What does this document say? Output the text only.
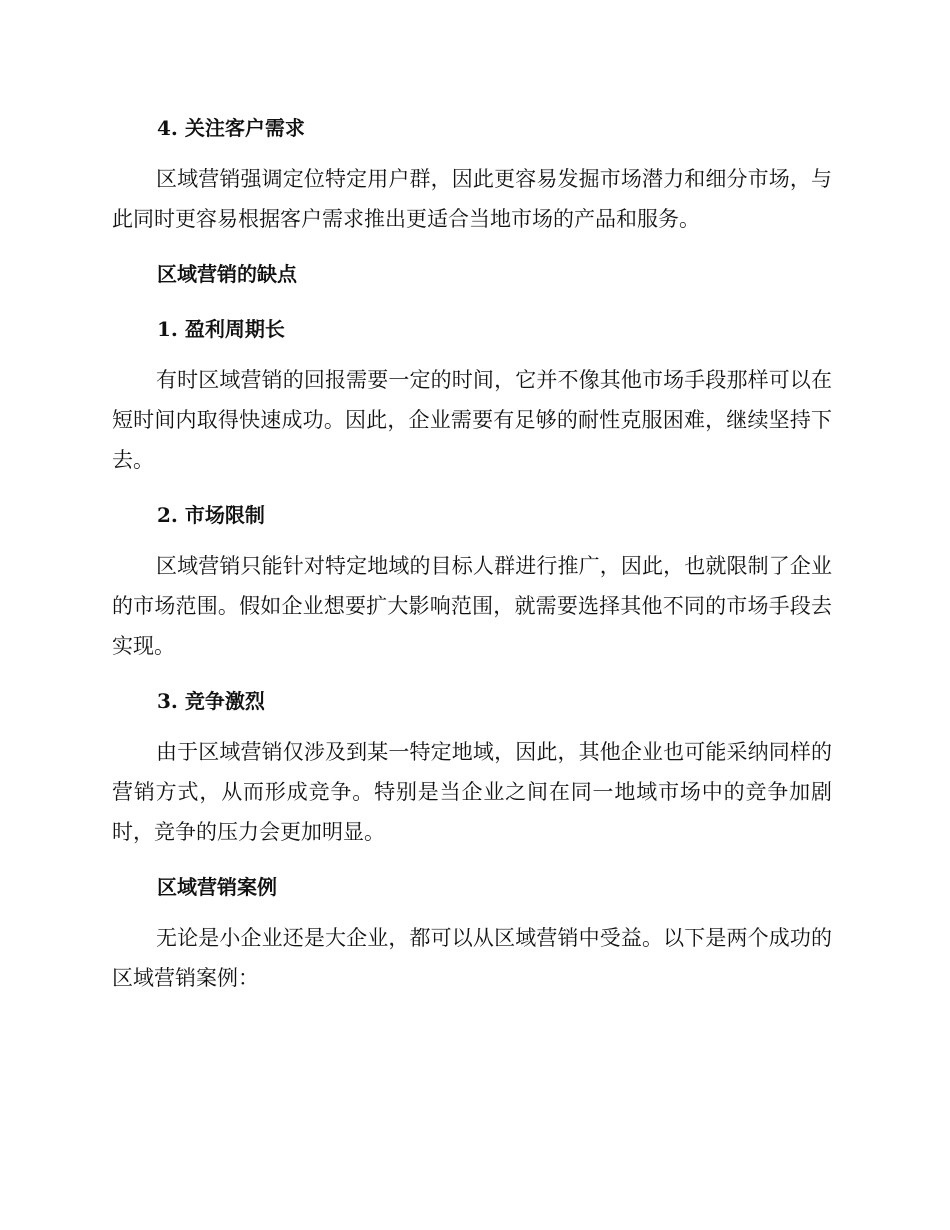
4. 关注客户需求

区域营销强调定位特定用户群，因此更容易发掘市场潜力和细分市场，与此同时更容易根据客户需求推出更适合当地市场的产品和服务。

区域营销的缺点
1. 盈利周期长

有时区域营销的回报需要一定的时间，它并不像其他市场手段那样可以在短时间内取得快速成功。因此，企业需要有足够的耐性克服困难，继续坚持下去。

2. 市场限制

区域营销只能针对特定地域的目标人群进行推广，因此，也就限制了企业的市场范围。假如企业想要扩大影响范围，就需要选择其他不同的市场手段去实现。

3. 竞争激烈

由于区域营销仅涉及到某一特定地域，因此，其他企业也可能采纳同样的营销方式，从而形成竞争。特别是当企业之间在同一地域市场中的竞争加剧时，竞争的压力会更加明显。

区域营销案例

无论是小企业还是大企业，都可以从区域营销中受益。以下是两个成功的区域营销案例：
